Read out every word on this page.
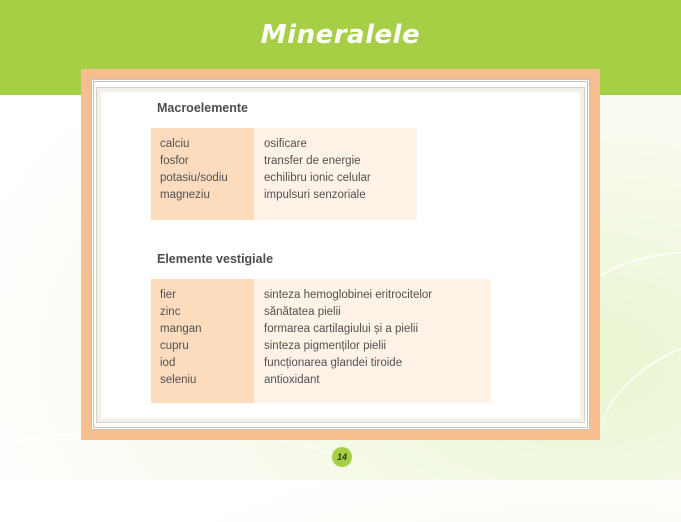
Mineralele
Macroelemente
calciu
fosfor
potasiu/sodiu
magneziu
osificare
transfer de energie
echilibru ionic celular
impulsuri senzoriale
Elemente vestigiale
fier
zinc
mangan
cupru
iod
seleniu
sinteza hemoglobinei eritrocitelor
sănătatea pielii
formarea cartilagiului și a pielii
sinteza pigmenților pielii
funcționarea glandei tiroide
antioxidant
14
